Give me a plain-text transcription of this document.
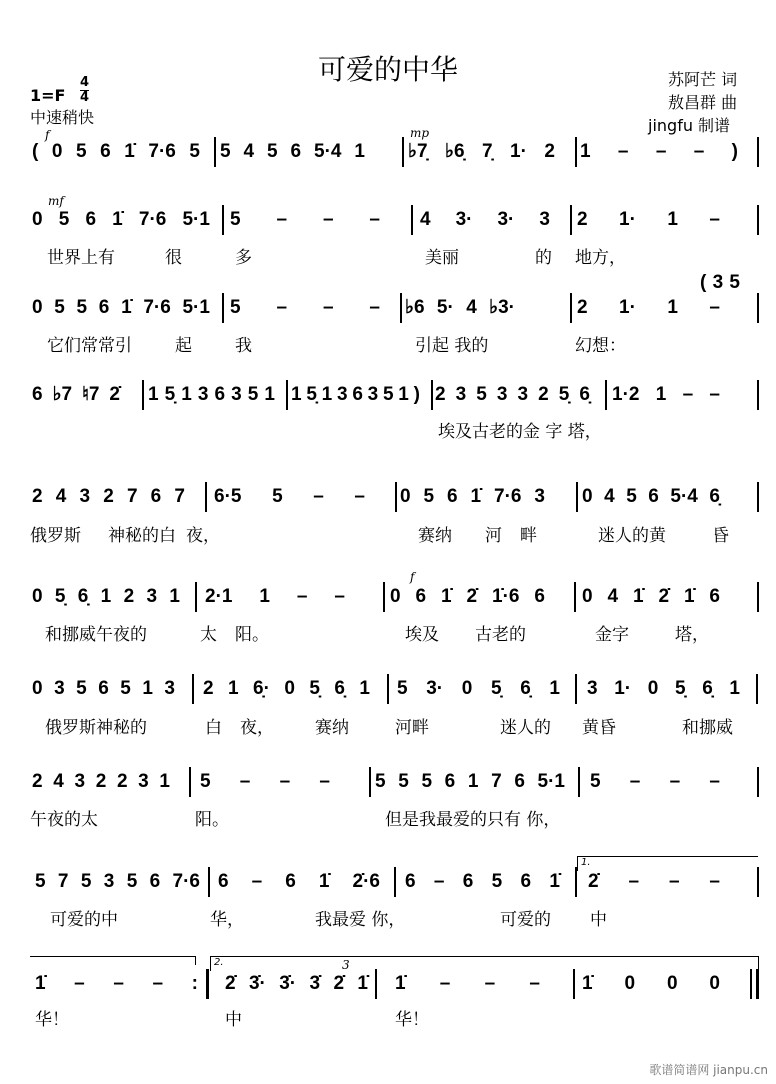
可爱的中华
1=F
4
4
中速稍快
苏阿芒 词
敖昌群 曲
jingfu 制谱
f	mp
mf
f
歌谱简谱网 jianpu.cn
( 0 5 6 1̇ 7·6 5 5 4 5 6 5·4 1 ♭7̣ ♭6̣ 7̣ 1· 2 1 – – – )
0 5 6 1̇ 7·6 5·1 5 – – – 4 3· 3· 3 2 1· 1 –
世界上有	很	多	美丽	的 地方，
0 5 5 6 1̇ 7·6 5·1 5 – – – ♭6 5· 4 ♭3·	2 1· 1 –
它们常常引	起	我	引起 我的	幻想：
( 3 5
6 ♭7 ♮7 2̇ 1 5̣ 1 3 6 3 5 1 1 5̣ 1 3 6 3 5 1 ) 2 3 5 3 3 2 5̣ 6̣ 1·2 1 – –
埃及古老的金 字 塔，
2 4 3 2 7 6 7 6·5 5 – – 0 5 6 1̇ 7·6 3 0 4 5 6 5·4 6̣
俄罗斯 神秘的白 夜，	赛纳 河 畔	迷人的黄	昏
0 5̣ 6̣ 1 2 3 1 2·1 1 – – 0 6 1̇ 2̇ 1̇·6 6 0 4 1̇ 2̇ 1̇ 6
和挪威午夜的	太 阳。	埃及 古老的	金字	塔，
0 3 5 6 5 1 3 2 1 6̣· 0 5̣ 6̣ 1 5 3· 0 5̣ 6̣ 1 3 1· 0 5̣ 6̣ 1
俄罗斯神秘的	白 夜， 赛纳	河畔	迷人的 黄昏	和挪威
2 4 3 2 2 3 1 5 – – – 5 5 5 6 1 7 6 5·1 5 – – –
午夜的太	阳。	但是我最爱的只有 你，
5 7 5 3 5 6 7·6 6 – 6 1̇ 2̇·6 6 – 6 5 6 1̇ 2̇ – – –
可爱的中	华，	我最爱 你，	可爱的 中
$^{1.}$
1̇ – – – : 2̇ 3̇· 3̇· 3̇ 2̇ 1̇ 1̇ – – – 1̇ 0 0 0
华！	中	华！
$^{2.}$	3
